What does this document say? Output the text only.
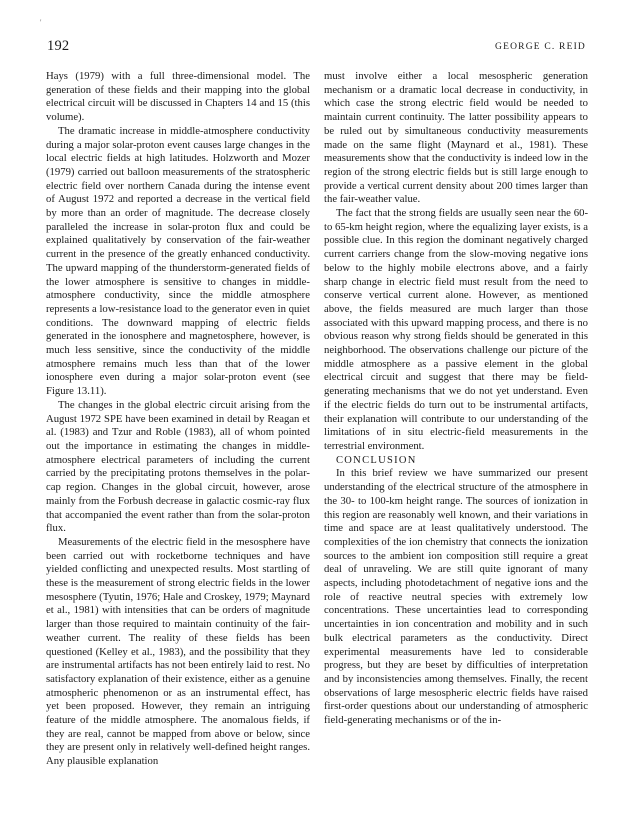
'
192	GEORGE C. REID

Hays (1979) with a full three-dimensional model. The generation of these fields and their mapping into the global electrical circuit will be discussed in Chapters 14 and 15 (this volume).

The dramatic increase in middle-atmosphere conductivity during a major solar-proton event causes large changes in the local electric fields at high latitudes. Holzworth and Mozer (1979) carried out balloon measurements of the stratospheric electric field over northern Canada during the intense event of August 1972 and reported a decrease in the vertical field by more than an order of magnitude. The decrease closely paralleled the increase in solar-proton flux and could be explained qualitatively by conservation of the fair-weather current in the presence of the greatly enhanced conductivity. The upward mapping of the thunderstorm-generated fields of the lower atmosphere is sensitive to changes in middle-atmosphere conductivity, since the middle atmosphere represents a low-resistance load to the generator even in quiet conditions. The downward mapping of electric fields generated in the ionosphere and magnetosphere, however, is much less sensitive, since the conductivity of the middle atmosphere remains much less than that of the lower ionosphere even during a major solar-proton event (see Figure 13.11).

The changes in the global electric circuit arising from the August 1972 SPE have been examined in detail by Reagan et al. (1983) and Tzur and Roble (1983), all of whom pointed out the importance in estimating the changes in middle-atmosphere electrical parameters of including the current carried by the precipitating protons themselves in the polar-cap region. Changes in the global circuit, however, arose mainly from the Forbush decrease in galactic cosmic-ray flux that accompanied the event rather than from the solar-proton flux.

Measurements of the electric field in the mesosphere have been carried out with rocketborne techniques and have yielded conflicting and unexpected results. Most startling of these is the measurement of strong electric fields in the lower mesosphere (Tyutin, 1976; Hale and Croskey, 1979; Maynard et al., 1981) with intensities that can be orders of magnitude larger than those required to maintain continuity of the fair-weather current. The reality of these fields has been questioned (Kelley et al., 1983), and the possibility that they are instrumental artifacts has not been entirely laid to rest. No satisfactory explanation of their existence, either as a genuine atmospheric phenomenon or as an instrumental effect, has yet been proposed. However, they remain an intriguing feature of the middle atmosphere. The anomalous fields, if they are real, cannot be mapped from above or below, since they are present only in relatively well-defined height ranges. Any plausible explanation

must involve either a local mesospheric generation mechanism or a dramatic local decrease in conductivity, in which case the strong electric field would be needed to maintain current continuity. The latter possibility appears to be ruled out by simultaneous conductivity measurements made on the same flight (Maynard et al., 1981). These measurements show that the conductivity is indeed low in the region of the strong electric fields but is still large enough to provide a vertical current density about 200 times larger than the fair-weather value.

The fact that the strong fields are usually seen near the 60- to 65-km height region, where the equalizing layer exists, is a possible clue. In this region the dominant negatively charged current carriers change from the slow-moving negative ions below to the highly mobile electrons above, and a fairly sharp change in electric field must result from the need to conserve vertical current alone. However, as mentioned above, the fields measured are much larger than those associated with this upward mapping process, and there is no obvious reason why strong fields should be generated in this neighborhood. The observations challenge our picture of the middle atmosphere as a passive element in the global electrical circuit and suggest that there may be field-generating mechanisms that we do not yet understand. Even if the electric fields do turn out to be instrumental artifacts, their explanation will contribute to our understanding of the limitations of in situ electric-field measurements in the terrestrial environment.

CONCLUSION

In this brief review we have summarized our present understanding of the electrical structure of the atmosphere in the 30- to 100-km height range. The sources of ionization in this region are reasonably well known, and their variations in time and space are at least qualitatively understood. The complexities of the ion chemistry that connects the ionization sources to the ambient ion composition still require a great deal of unraveling. We are still quite ignorant of many aspects, including photodetachment of negative ions and the role of reactive neutral species with extremely low concentrations. These uncertainties lead to corresponding uncertainties in ion concentration and mobility and in such bulk electrical parameters as the conductivity. Direct experimental measurements have led to considerable progress, but they are beset by difficulties of interpretation and by inconsistencies among themselves. Finally, the recent observations of large mesospheric electric fields have raised first-order questions about our understanding of atmospheric field-generating mechanisms or of the in-
